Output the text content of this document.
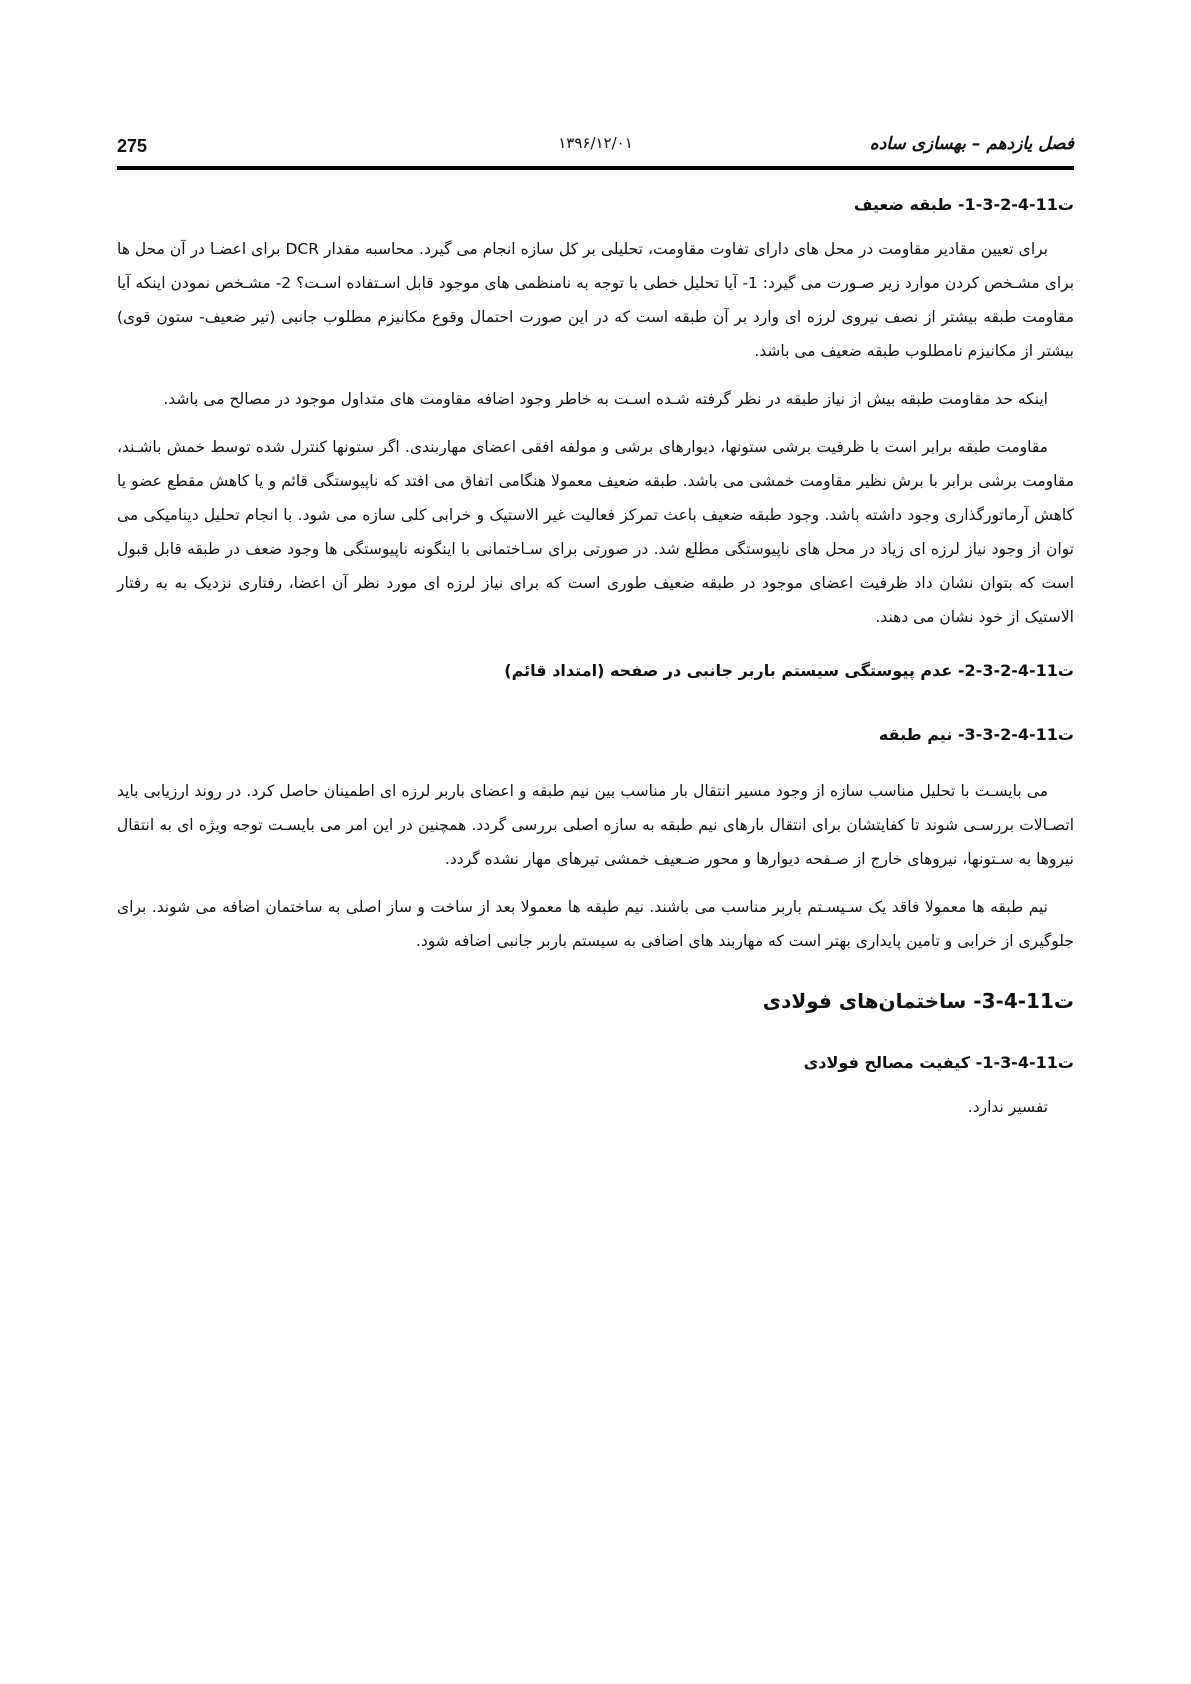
275	۱۳۹۶/۱۲/۰۱	فصل یازدهم – بهسازی ساده
ت11-4-2-3-1- طبقه ضعیف

برای تعیین مقادیر مقاومت در محل های دارای تفاوت مقاومت، تحلیلی بر کل سازه انجام می گیرد. محاسبه مقدار DCR برای اعضـا در آن محل ها برای مشـخص کردن موارد زیر صـورت می گیرد: 1- آیا تحلیل خطی با توجه به نامنظمی های موجود قابل اسـتفاده اسـت؟ 2- مشـخص نمودن اینکه آیا مقاومت طبقه بیشتر از نصف نیروی لرزه ای وارد بر آن طبقه است که در این صورت احتمال وقوع مکانیزم مطلوب جانبی (تیر ضعیف- ستون قوی) بیشتر از مکانیزم نامطلوب طبقه ضعیف می باشد.

اینکه حد مقاومت طبقه بیش از نیاز طبقه در نظر گرفته شـده اسـت به خاطر وجود اضافه مقاومت های متداول موجود در مصالح می باشد.

مقاومت طبقه برابر است با ظرفیت برشی ستونها، دیوارهای برشی و مولفه افقی اعضای مهاربندی. اگر ستونها کنترل شده توسط خمش باشـند، مقاومت برشی برابر با برش نظیر مقاومت خمشی می باشد. طبقه ضعیف معمولا هنگامی اتفاق می افتد که ناپیوستگی قائم و یا کاهش مقطع عضو یا کاهش آرماتورگذاری وجود داشته باشد. وجود طبقه ضعیف باعث تمرکز فعالیت غیر الاستیک و خرابی کلی سازه می شود. با انجام تحلیل دینامیکی می توان از وجود نیاز لرزه ای زیاد در محل های ناپیوستگی مطلع شد. در صورتی برای سـاختمانی با اینگونه ناپیوستگی ها وجود ضعف در طبقه قابل قبول است که بتوان نشان داد ظرفیت اعضای موجود در طبقه ضعیف طوری است که برای نیاز لرزه ای مورد نظر آن اعضا، رفتاری نزدیک به به رفتار الاستیک از خود نشان می دهند.

ت11-4-2-3-2- عدم پیوستگی سیستم باربر جانبی در صفحه (امتداد قائم)
ت11-4-2-3-3- نیم طبقه

می بایسـت با تحلیل مناسب سازه از وجود مسیر انتقال بار مناسب بین نیم طبقه و اعضای باربر لرزه ای اطمینان حاصل کرد. در روند ارزیابی باید اتصـالات بررسـی شوند تا کفایتشان برای انتقال بارهای نیم طبقه به سازه اصلی بررسی گردد. همچنین در این امر می بایسـت توجه ویژه ای به انتقال نیروها به سـتونها، نیروهای خارج از صـفحه دیوارها و محور ضـعیف خمشی تیرهای مهار نشده گردد.

نیم طبقه ها معمولا فاقد یک سـیسـتم باربر مناسب می باشند. نیم طبقه ها معمولا بعد از ساخت و ساز اصلی به ساختمان اضافه می شوند. برای جلوگیری از خرابی و تامین پایداری بهتر است که مهاربند های اضافی به سیستم باربر جانبی اضافه شود.

ت11-4-3- ساختمان‌های فولادی
ت11-4-3-1- کیفیت مصالح فولادی

تفسیر ندارد.
